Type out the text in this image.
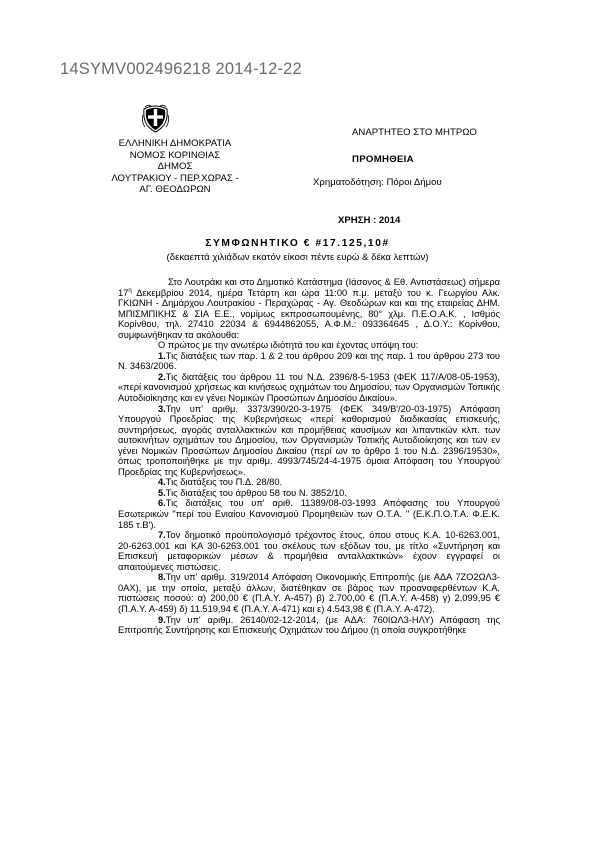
14SYMV002496218 2014-12-22
ΕΛΛΗΝΙΚΗ ΔΗΜΟΚΡΑΤΙΑ
ΝΟΜΟΣ ΚΟΡΙΝΘΙΑΣ
ΔΗΜΟΣ
ΛΟΥΤΡΑΚΙΟΥ - ΠΕΡ.ΧΩΡΑΣ -
ΑΓ. ΘΕΟΔΩΡΩΝ
ΑΝΑΡΤΗΤΕΟ ΣΤΟ ΜΗΤΡΩΟ
ΠΡΟΜΗΘΕΙΑ
Χρηματοδότηση: Πόροι Δήμου
ΧΡΗΣΗ : 2014
ΣΥΜΦΩΝΗΤΙΚΟ € #17.125,10#
(δεκαεπτά χιλιάδων εκατόν είκοσι πέντε ευρώ & δέκα λεπτών)

Στο Λουτράκι και στο Δημοτικό Κατάστημα (Ιάσονος & Εθ. Αντιστάσεως) σήμερα $17^\eta$ Δεκεμβρίου 2014, ημέρα Τετάρτη και ώρα 11:00 π.μ. μεταξύ του κ. Γεωργίου Αλκ. ΓΚΙΩΝΗ - Δημάρχου Λουτρακίου - Περαχώρας - Αγ. Θεοδώρων και και της εταιρείας ΔΗΜ. ΜΠΙΣΜΠΙΚΗΣ & ΣΙΑ Ε.Ε., νομίμως εκπροσωπουμένης, 80° χλμ. Π.Ε.Ο.Α.Κ. , Ισθμός Κορίνθου, τηλ. 27410 22034 & 6944862055, Α.Φ.Μ.: 093364645 , Δ.Ο.Υ.: Κορίνθου, συμφωνήθηκαν τα ακόλουθα:

Ο πρώτος με την ανωτέρω ιδιότητά του και έχοντας υπόψη του:

1.Τις διατάξεις των παρ. 1 & 2 του άρθρου 209 και της παρ. 1 του άρθρου 273 του Ν. 3463/2006.

2.Τις διατάξεις του άρθρου 11 του Ν.Δ. 2396/8-5-1953 (ΦΕΚ 117/Α/08-05-1953), «περί κανονισμού χρήσεως και κινήσεως οχημάτων του Δημοσίου, των Οργανισμών Τοπικής Αυτοδιοίκησης και εν γένει Νομικών Προσώπων Δημοσίου Δικαίου».

3.Την υπ' αριθμ. 3373/390/20-3-1975 (ΦΕΚ 349/Β'/20-03-1975) Απόφαση Υπουργού Προεδρίας της Κυβερνήσεως «περί καθορισμού διαδικασίας επισκευής, συντηρήσεως, αγοράς ανταλλακτικών και προμήθειας καυσίμων και λιπαντικών κλπ. των αυτοκινήτων οχημάτων του Δημοσίου, των Οργανισμών Τοπικής Αυτοδιοίκησης και των εν γένει Νομικών Προσώπων Δημοσίου Δικαίου (περί ων το άρθρο 1 του Ν.Δ. 2396/19530», όπως τροποποιήθηκε με την αριθμ. 4993/745/24-4-1975 όμοια Απόφαση του Υπουργού Προεδρίας της Κυβερνήσεως».

4.Τις διατάξεις του Π.Δ. 28/80.

5.Τις διατάξεις του άρθρου 58 του Ν. 3852/10.

6.Τις διατάξεις του υπ' αριθ. 11389/08-03-1993 Απόφασης του Υπουργού Εσωτερικών "περί του Ενιαίου Κανονισμού Προμηθειών των Ο.Τ.Α. " (Ε.Κ.Π.Ο.Τ.Α. Φ.Ε.Κ. 185 τ.Β').

7.Τον δημοτικό προϋπολογισμό τρέχοντος έτους, όπου στους Κ.Α. 10-6263.001, 20-6263.001 και ΚΑ 30-6263.001 του σκέλους των εξόδων του, με τίτλο «Συντήρηση και Επισκευή μεταφορικών μέσων & προμήθεια ανταλλακτικών» έχουν εγγραφεί οι απαιτούμενες πιστώσεις.

8.Την υπ' αριθμ. 319/2014 Απόφαση Οικονομικής Επιτροπής (με ΑΔΑ 7ΖΟ2ΩΛ3-0ΑΧ), με την οποία, μεταξύ άλλων, διατέθηκαν σε βάρος των προαναφερθέντων Κ.Α. πιστώσεις ποσού: α) 200,00 € (Π.Α.Υ. Α-457) β) 2.700,00 € (Π.Α.Υ. Α-458) γ) 2.099,95 € (Π.Α.Υ. Α-459) δ) 11.519,94 € (Π.Α.Υ. Α-471) και ε) 4.543,98 € (Π.Α.Υ. Α-472).

9.Την υπ' αριθμ. 26140/02-12-2014, (με ΑΔΑ: 760ΙΩΛ3-ΗΛΥ) Απόφαση της Επιτροπής Συντήρησης και Επισκευής Οχημάτων του Δήμου (η οποία συγκροτήθηκε
